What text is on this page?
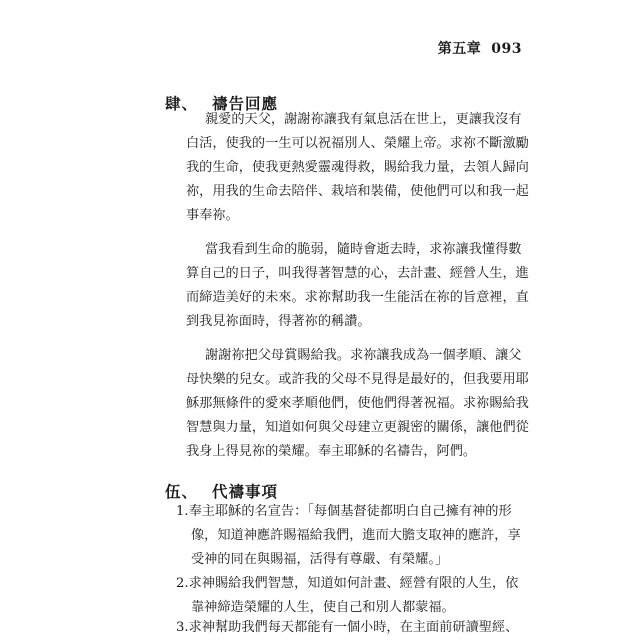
第五章 093
肆、 禱告回應
親愛的天父，謝謝祢讓我有氣息活在世上，更讓我沒有
白活，使我的一生可以祝福別人、榮耀上帝。求祢不斷激勵
我的生命，使我更熱愛靈魂得救，賜給我力量，去領人歸向
祢，用我的生命去陪伴、栽培和裝備，使他們可以和我一起
事奉祢。
當我看到生命的脆弱，隨時會逝去時，求祢讓我懂得數
算自己的日子，叫我得著智慧的心，去計畫、經營人生，進
而締造美好的未來。求祢幫助我一生能活在祢的旨意裡，直
到我見祢面時，得著祢的稱讚。
謝謝祢把父母賞賜給我。求祢讓我成為一個孝順、讓父
母快樂的兒女。或許我的父母不見得是最好的，但我要用耶
穌那無條件的愛來孝順他們，使他們得著祝福。求祢賜給我
智慧與力量，知道如何與父母建立更親密的關係，讓他們從
我身上得見祢的榮耀。奉主耶穌的名禱告，阿們。
伍、 代禱事項
1.奉主耶穌的名宣告：「每個基督徒都明白自己擁有神的形
像，知道神應許賜福給我們，進而大膽支取神的應許，享
受神的同在與賜福，活得有尊嚴、有榮耀。」
2.求神賜給我們智慧，知道如何計畫、經營有限的人生，依
靠神締造榮耀的人生，使自己和別人都蒙福。
3.求神幫助我們每天都能有一個小時，在主面前研讀聖經、
